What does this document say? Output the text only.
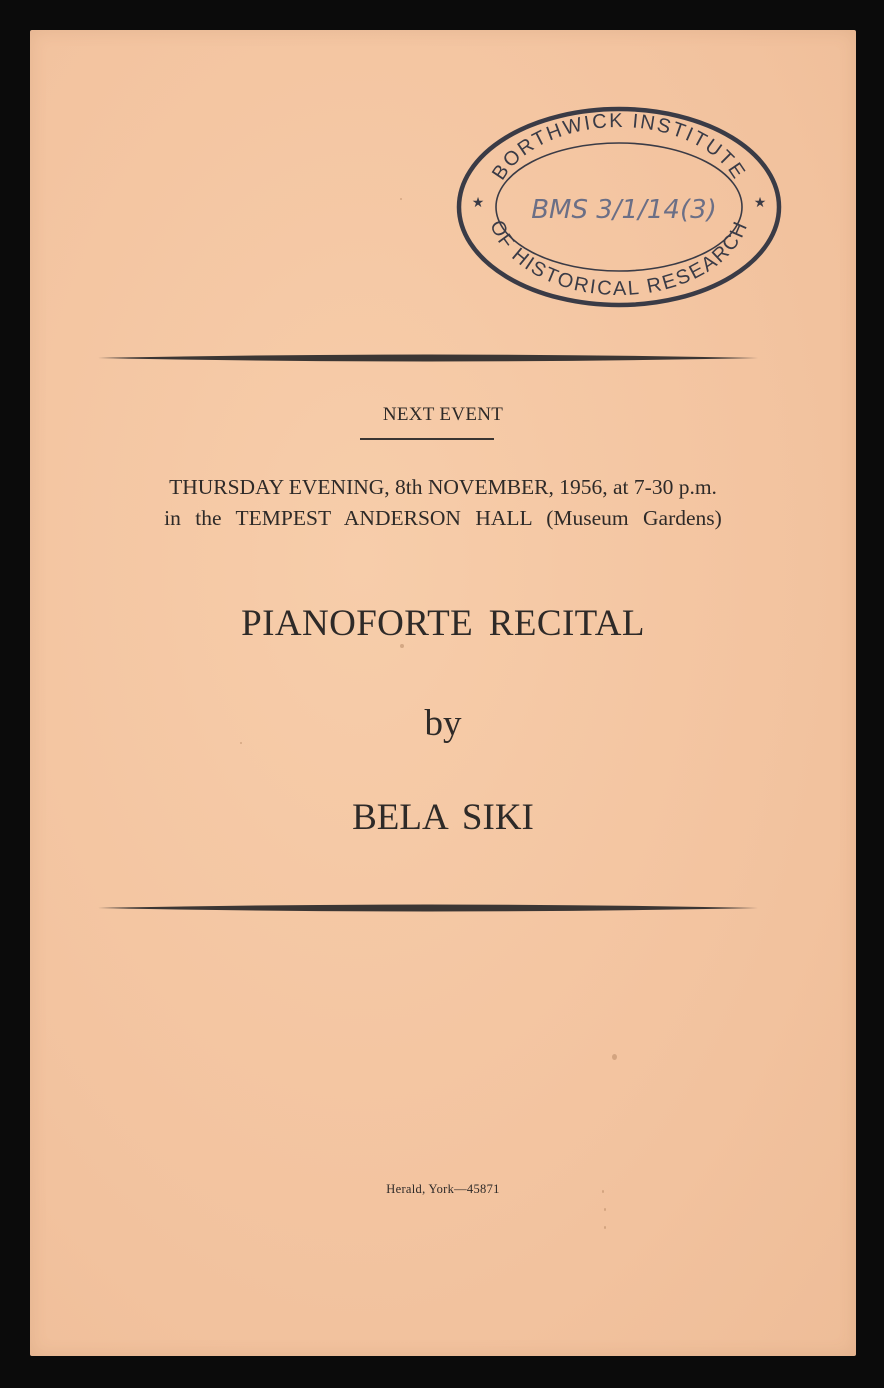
BORTHWICK INSTITUTE
OF HISTORICAL RESEARCH
★	★
BMS 3/1/14(3)
NEXT EVENT
THURSDAY EVENING, 8th NOVEMBER, 1956, at 7-30 p.m.
in the TEMPEST ANDERSON HALL (Museum Gardens)
PIANOFORTE RECITAL
by
BELA SIKI
Herald, York—45871
